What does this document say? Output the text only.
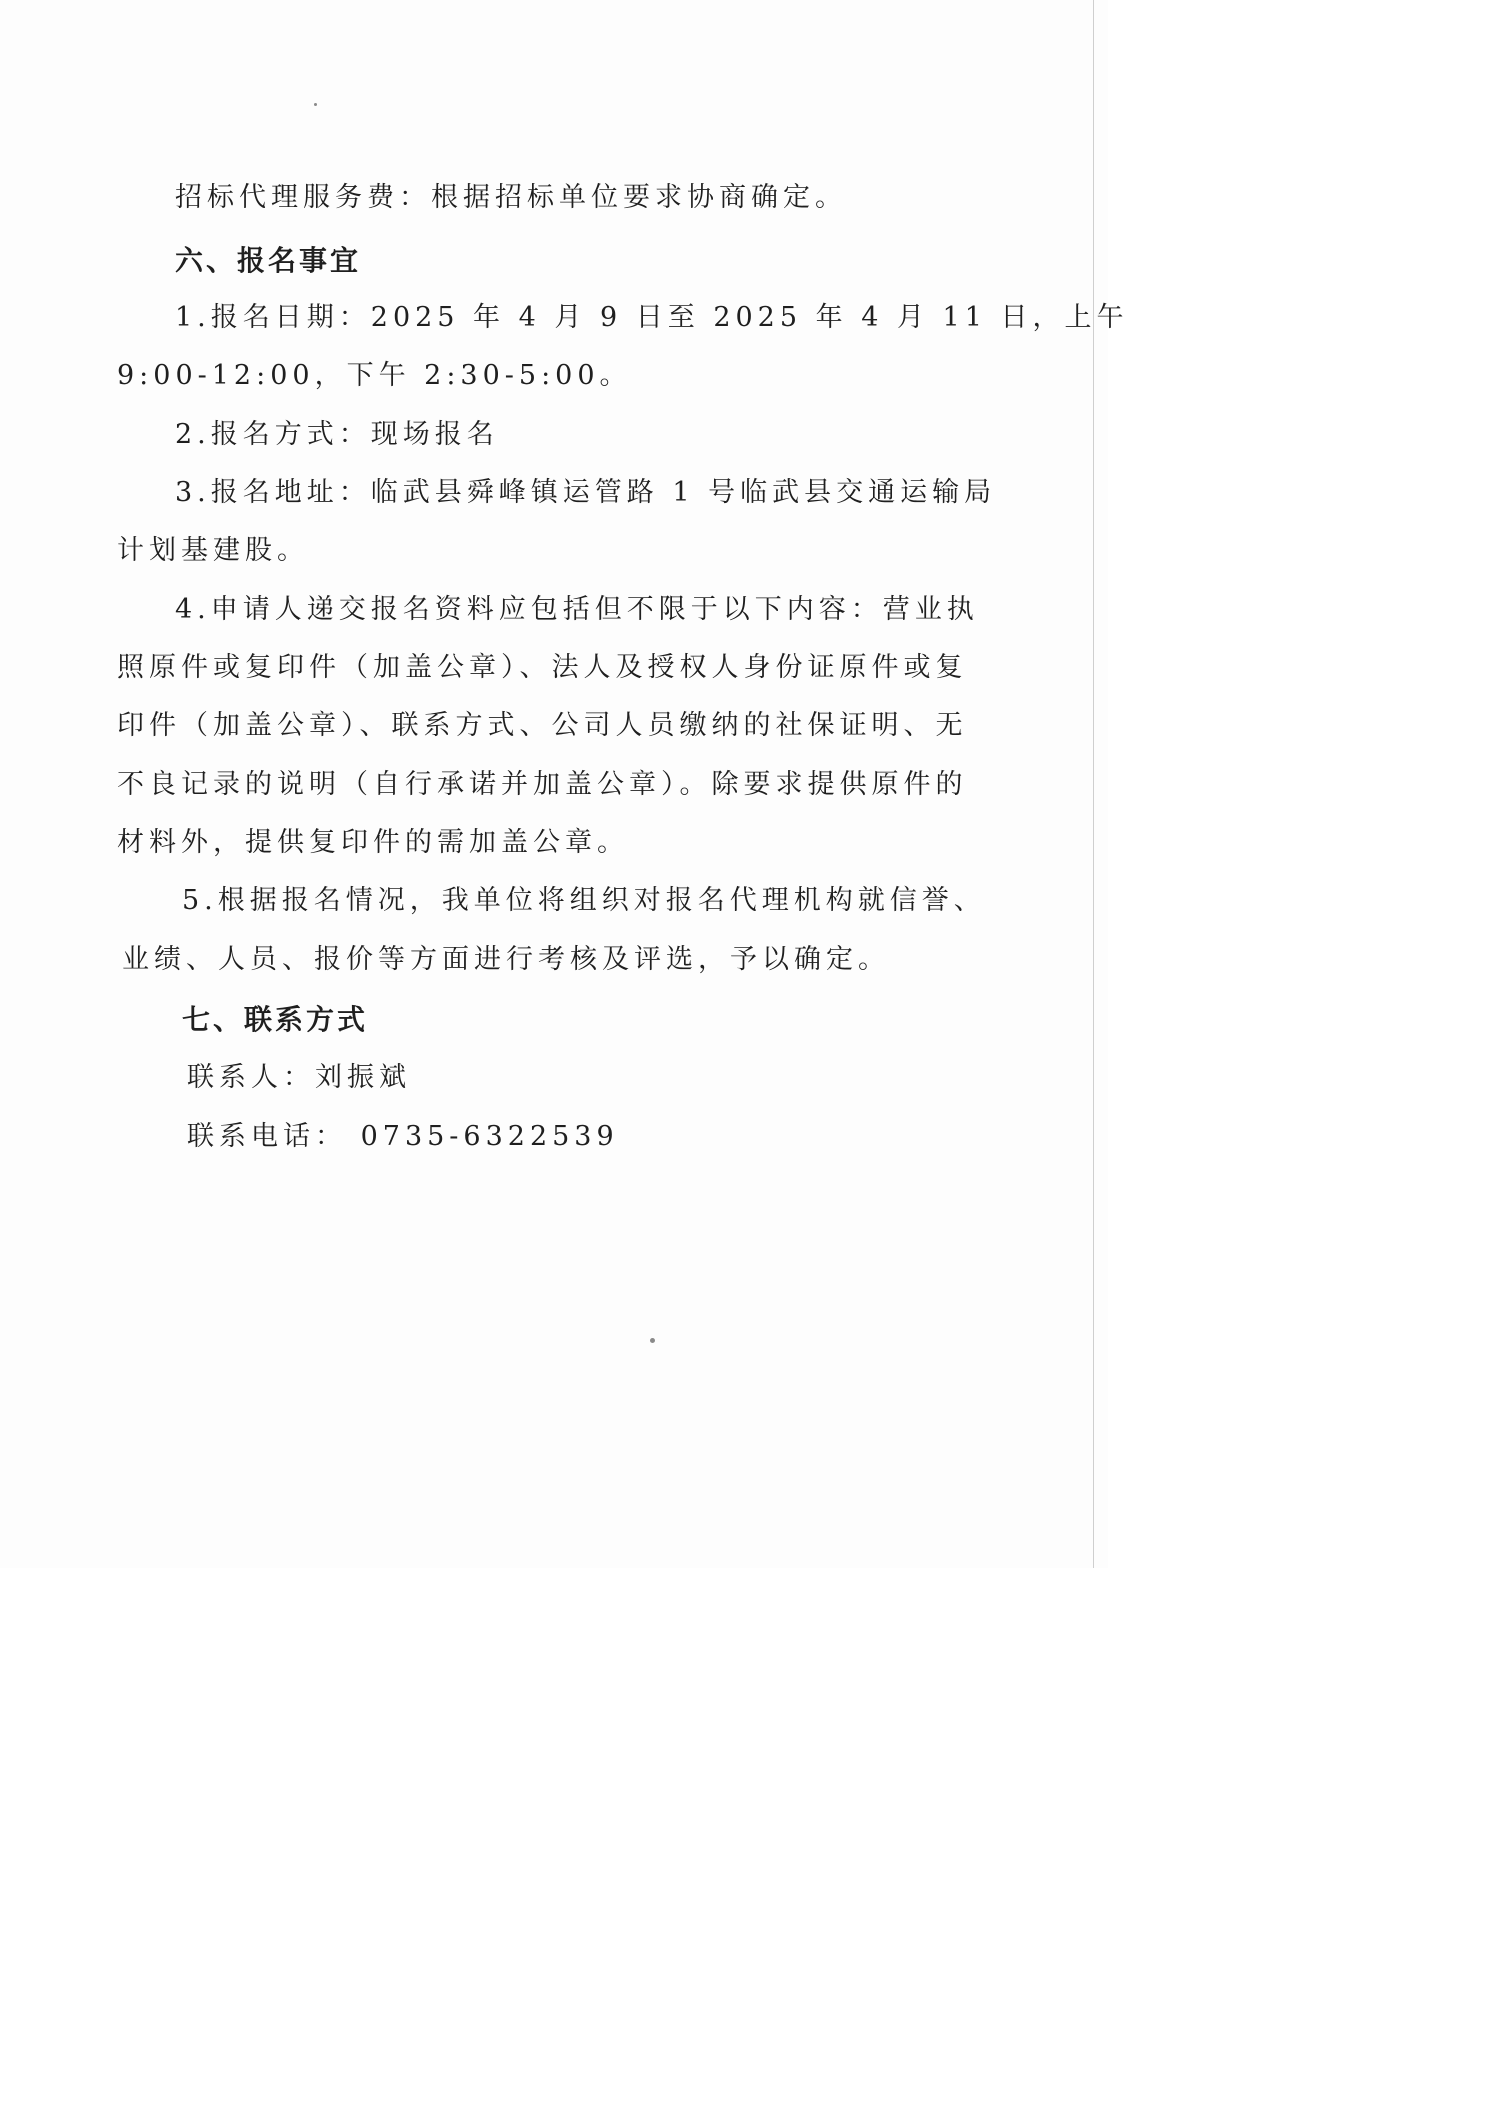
招标代理服务费：根据招标单位要求协商确定。
六、报名事宜
1.报名日期：2025 年 4 月 9 日至 2025 年 4 月 11 日，上午
9:00-12:00，下午 2:30-5:00。
2.报名方式：现场报名
3.报名地址：临武县舜峰镇运管路 1 号临武县交通运输局
计划基建股。
4.申请人递交报名资料应包括但不限于以下内容：营业执
照原件或复印件（加盖公章）、法人及授权人身份证原件或复
印件（加盖公章）、联系方式、公司人员缴纳的社保证明、无
不良记录的说明（自行承诺并加盖公章）。除要求提供原件的
材料外，提供复印件的需加盖公章。
5.根据报名情况，我单位将组织对报名代理机构就信誉、
业绩、人员、报价等方面进行考核及评选，予以确定。
七、联系方式
联系人：刘振斌
联系电话： 0735-6322539
